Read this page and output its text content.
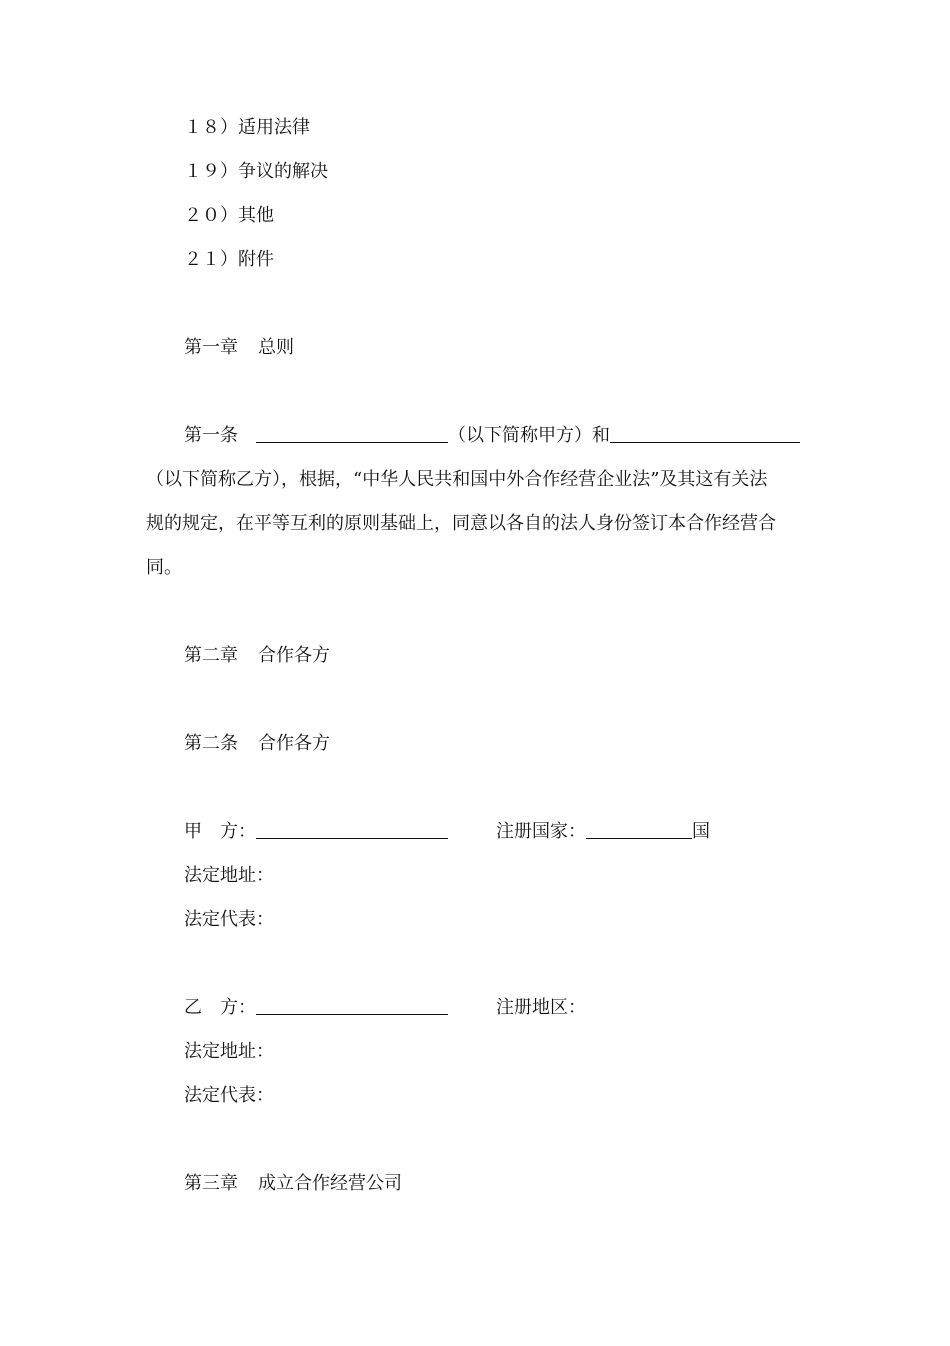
１８）适用法律
１９）争议的解决
２０）其他
２１）附件
第一章 总则
第一条	（以下简称甲方）和
（以下简称乙方），根据，“中华人民共和国中外合作经营企业法”及其这有关法
规的规定，在平等互利的原则基础上，同意以各自的法人身份签订本合作经营合
同。
第二章 合作各方
第二条 合作各方
甲　方：	注册国家：	国
法定地址：
法定代表：
乙　方：	注册地区：
法定地址：
法定代表：
第三章 成立合作经营公司
